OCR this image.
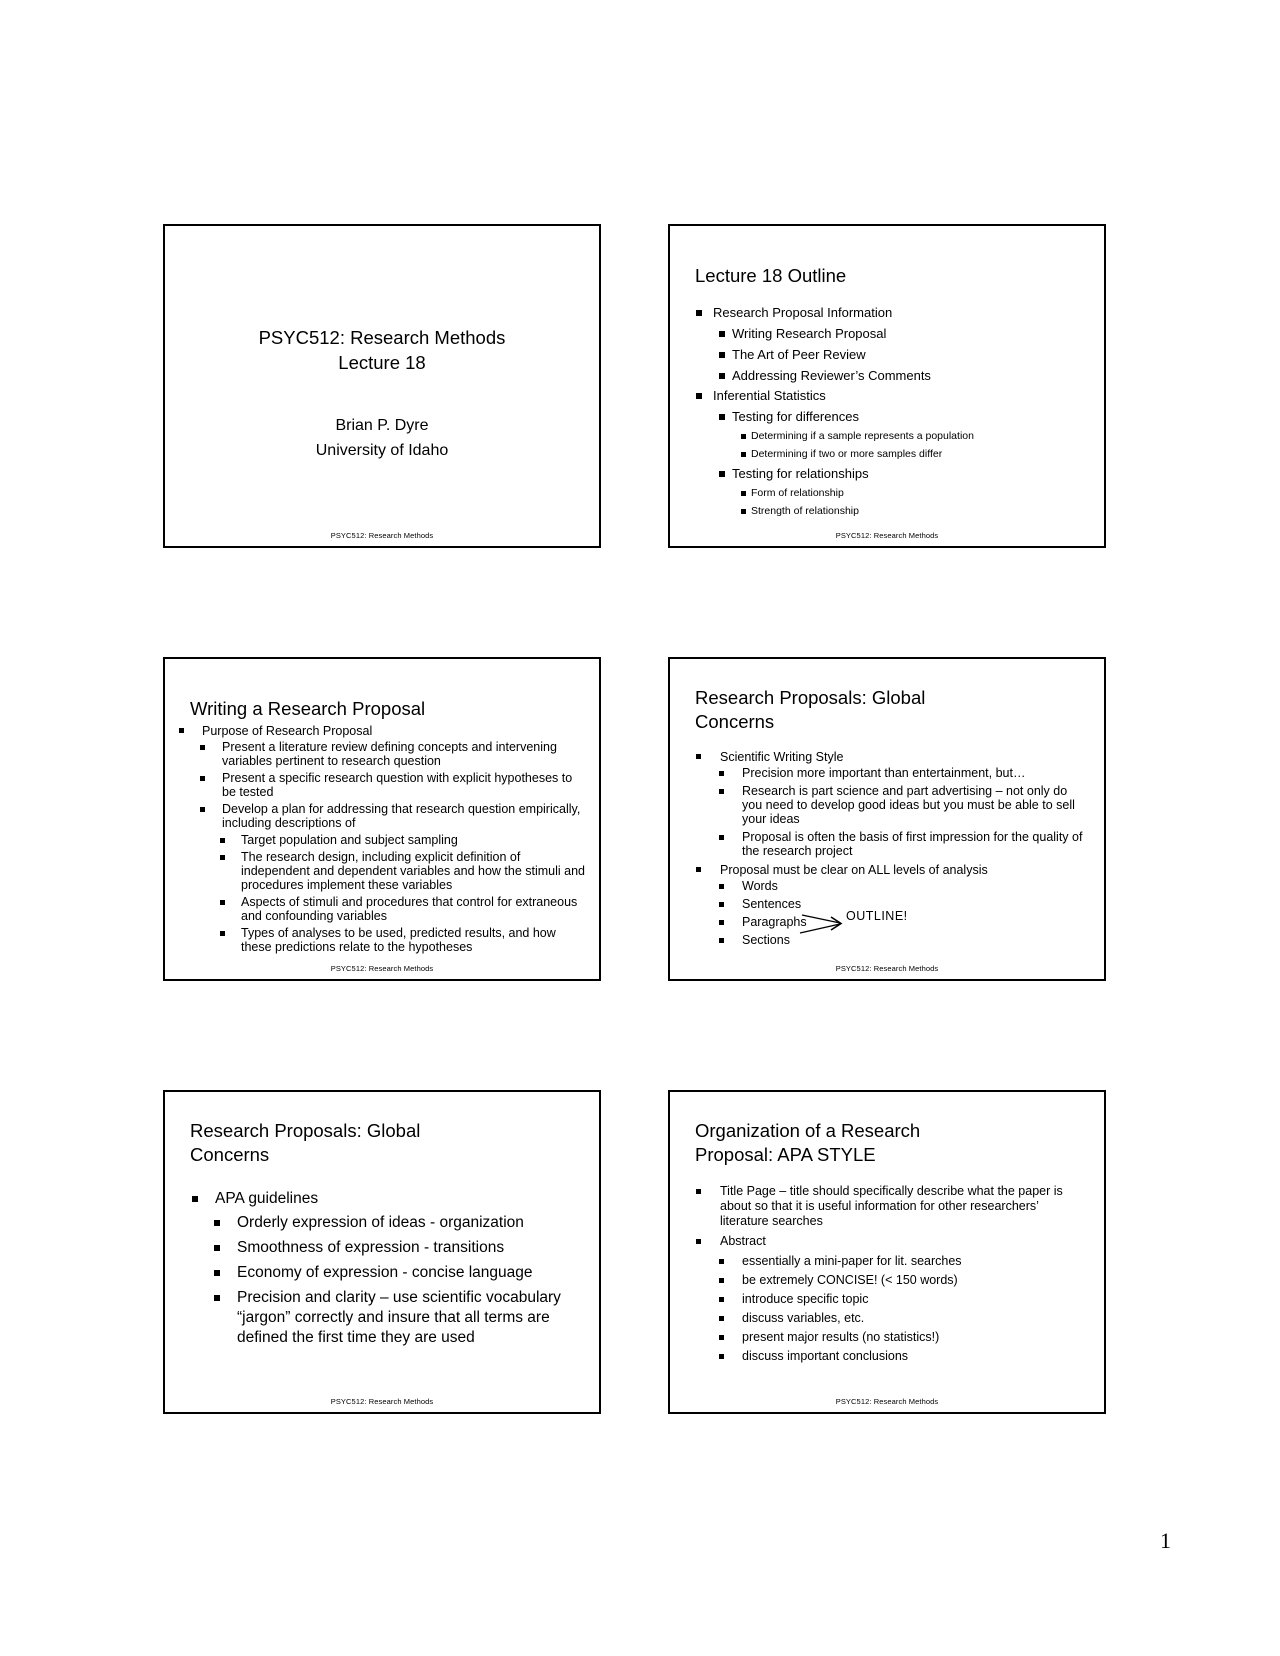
PSYC512: Research Methods
Lecture 18
Brian P. Dyre
University of Idaho
PSYC512: Research Methods
Lecture 18 Outline
Research Proposal Information
Writing Research Proposal
The Art of Peer Review
Addressing Reviewer’s Comments
Inferential Statistics
Testing for differences
Determining if a sample represents a population
Determining if two or more samples differ
Testing for relationships
Form of relationship
Strength of relationship
PSYC512: Research Methods
Writing a Research Proposal
Purpose of Research Proposal
Present a literature review defining concepts and intervening variables pertinent to research question
Present a specific research question with explicit hypotheses to be tested
Develop a plan for addressing that research question empirically, including descriptions of
Target population and subject sampling
The research design, including explicit definition of independent and dependent variables and how the stimuli and procedures implement these variables
Aspects of stimuli and procedures that control for extraneous and confounding variables
Types of analyses to be used, predicted results, and how these predictions relate to the hypotheses
PSYC512: Research Methods
Research Proposals: Global
Concerns
Scientific Writing Style
Precision more important than entertainment, but…
Research is part science and part advertising – not only do you need to develop good ideas but you must be able to sell your ideas
Proposal is often the basis of first impression for the quality of the research project
Proposal must be clear on ALL levels of analysis
Words
Sentences
Paragraphs
Sections
OUTLINE!
PSYC512: Research Methods
Research Proposals: Global
Concerns
APA guidelines
Orderly expression of ideas - organization
Smoothness of expression - transitions
Economy of expression - concise language
Precision and clarity – use scientific vocabulary “jargon” correctly and insure that all terms are defined the first time they are used
PSYC512: Research Methods
Organization of a Research
Proposal: APA STYLE
Title Page – title should specifically describe what the paper is about so that it is useful information for other researchers’ literature searches
Abstract
essentially a mini-paper for lit. searches
be extremely CONCISE! (< 150 words)
introduce specific topic
discuss variables, etc.
present major results (no statistics!)
discuss important conclusions
PSYC512: Research Methods
1
